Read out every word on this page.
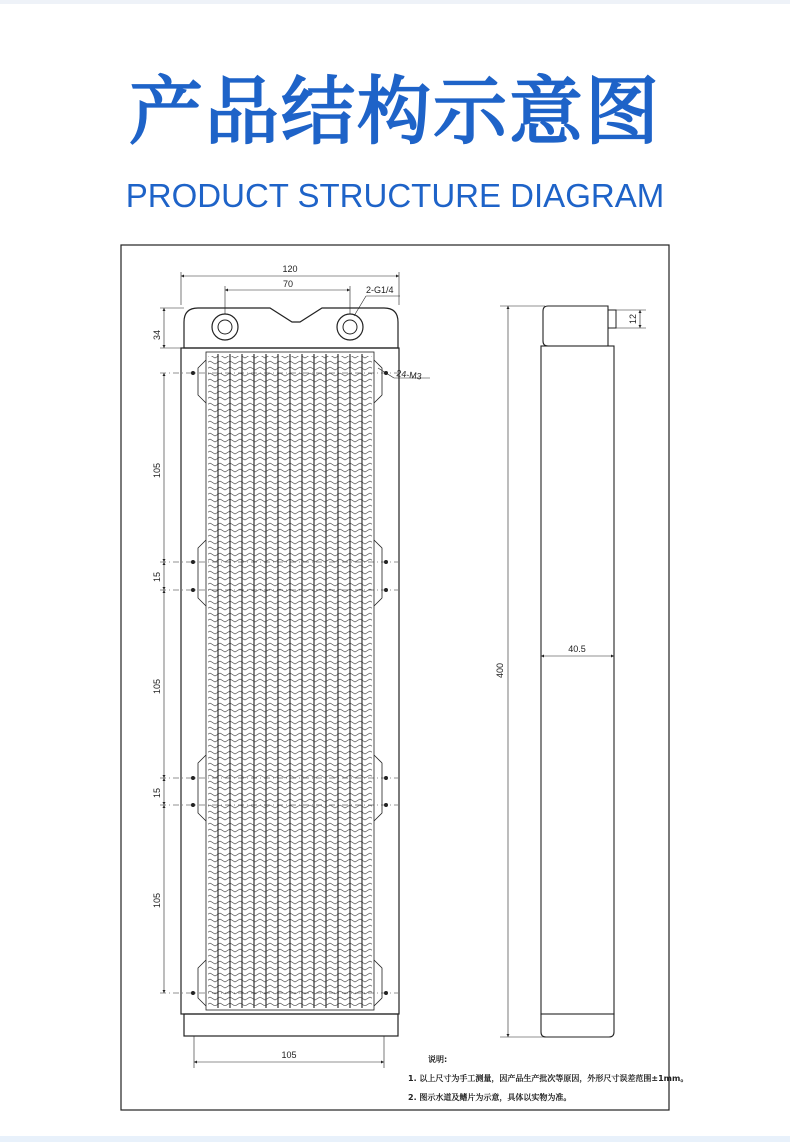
产品结构示意图
PRODUCT STRUCTURE DIAGRAM
120
70
2-G1/4
24-M3
34
105
15
105
15
105
105
400
40.5
12
说明:
1. 以上尺寸为手工测量，因产品生产批次等原因，外形尺寸误差范围±1mm。
2. 图示水道及鳍片为示意，具体以实物为准。
